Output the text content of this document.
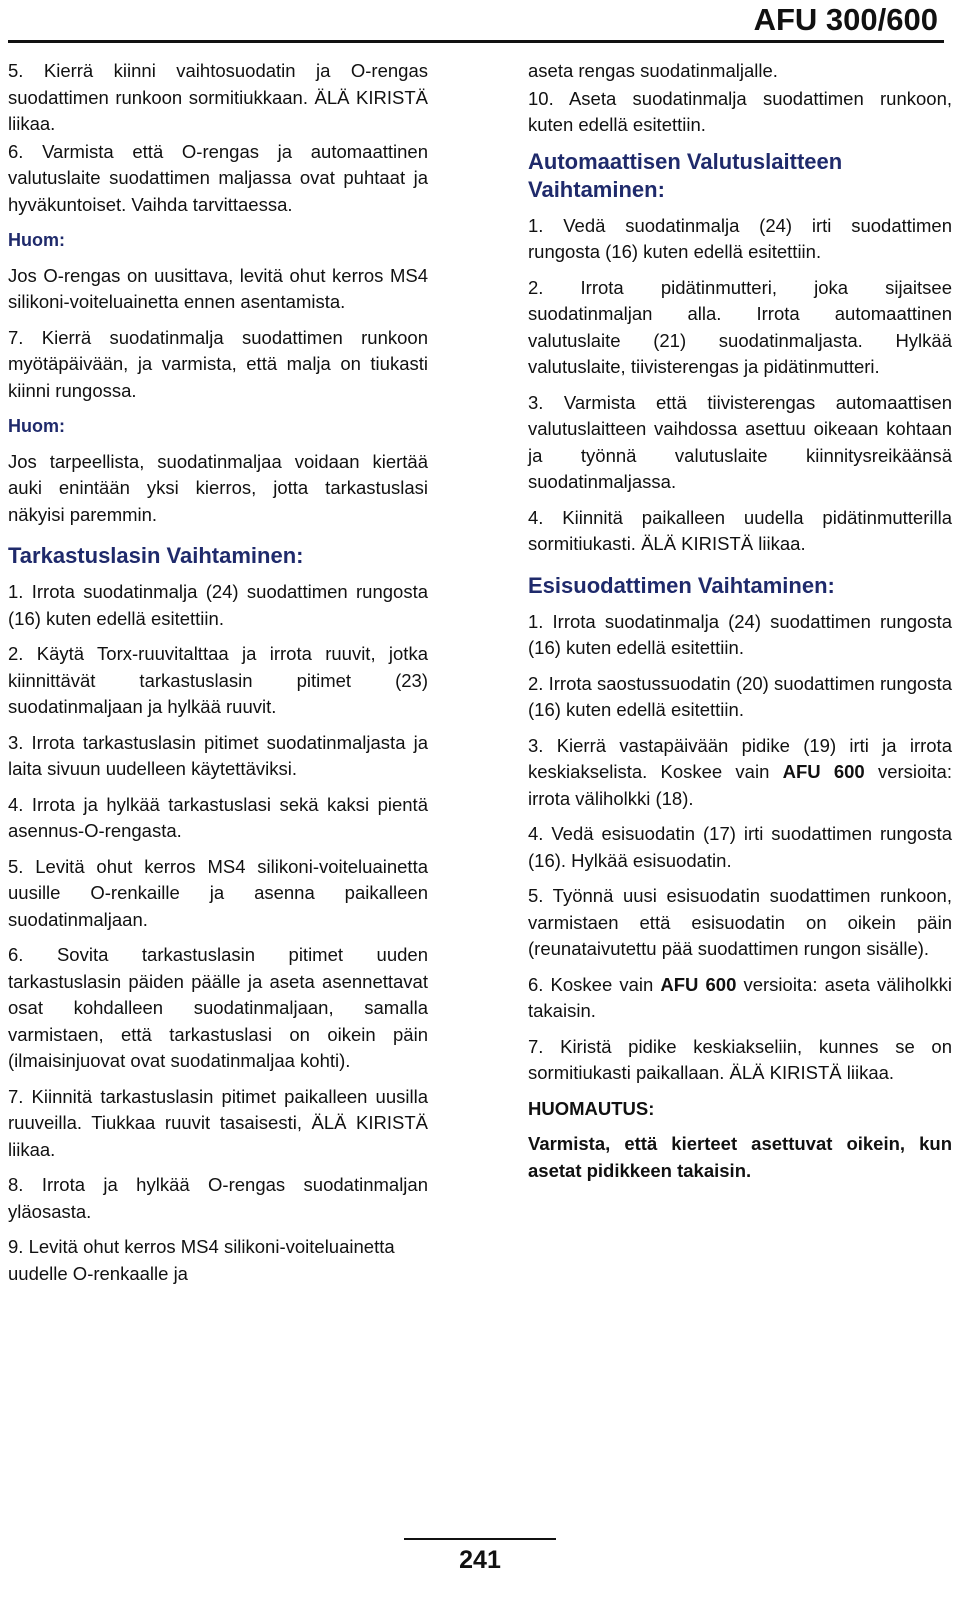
AFU 300/600

5. Kierrä kiinni vaihtosuodatin ja O-rengas suodattimen runkoon sormitiukkaan. ÄLÄ KIRISTÄ liikaa.

6. Varmista että O-rengas ja automaattinen valutuslaite suodattimen maljassa ovat puhtaat ja hyväkuntoiset. Vaihda tarvittaessa.

Huom:

Jos O-rengas on uusittava, levitä ohut kerros MS4 silikoni-voiteluainetta ennen asentamista.

7. Kierrä suodatinmalja suodattimen runkoon myötäpäivään, ja varmista, että malja on tiukasti kiinni rungossa.

Huom:

Jos tarpeellista, suodatinmaljaa voidaan kiertää auki enintään yksi kierros, jotta tarkastuslasi näkyisi paremmin.

Tarkastuslasin Vaihtaminen:

1. Irrota suodatinmalja (24) suodattimen rungosta (16) kuten edellä esitettiin.

2. Käytä Torx-ruuvitalttaa ja irrota ruuvit, jotka kiinnittävät tarkastuslasin pitimet (23) suodatinmaljaan ja hylkää ruuvit.

3. Irrota tarkastuslasin pitimet suodatinmaljasta ja laita sivuun uudelleen käytettäviksi.

4. Irrota ja hylkää tarkastuslasi sekä kaksi pientä asennus-O-rengasta.

5. Levitä ohut kerros MS4 silikoni-voiteluainetta uusille O-renkaille ja asenna paikalleen suodatinmaljaan.

6. Sovita tarkastuslasin pitimet uuden tarkastuslasin päiden päälle ja aseta asennettavat osat kohdalleen suodatinmaljaan, samalla varmistaen, että tarkastuslasi on oikein päin (ilmaisinjuovat ovat suodatinmaljaa kohti).

7. Kiinnitä tarkastuslasin pitimet paikalleen uusilla ruuveilla. Tiukkaa ruuvit tasaisesti, ÄLÄ KIRISTÄ liikaa.

8. Irrota ja hylkää O-rengas suodatinmaljan yläosasta.

9. Levitä ohut kerros MS4 silikoni-voiteluainetta uudelle O-renkaalle ja

aseta rengas suodatinmaljalle.

10. Aseta suodatinmalja suodattimen runkoon, kuten edellä esitettiin.

Automaattisen Valutuslaitteen Vaihtaminen:

1. Vedä suodatinmalja (24) irti suodattimen rungosta (16) kuten edellä esitettiin.

2. Irrota pidätinmutteri, joka sijaitsee suodatinmaljan alla. Irrota automaattinen valutuslaite (21) suodatinmaljasta. Hylkää valutuslaite, tiivisterengas ja pidätinmutteri.

3. Varmista että tiivisterengas automaattisen valutuslaitteen vaihdossa asettuu oikeaan kohtaan ja työnnä valutuslaite kiinnitysreikäänsä suodatinmaljassa.

4. Kiinnitä paikalleen uudella pidätinmutterilla sormitiukasti. ÄLÄ KIRISTÄ liikaa.

Esisuodattimen Vaihtaminen:

1. Irrota suodatinmalja (24) suodattimen rungosta (16) kuten edellä esitettiin.

2. Irrota saostussuodatin (20) suodattimen rungosta (16) kuten edellä esitettiin.

3. Kierrä vastapäivään pidike (19) irti ja irrota keskiakselista. Koskee vain AFU 600 versioita: irrota väliholkki (18).

4. Vedä esisuodatin (17) irti suodattimen rungosta (16). Hylkää esisuodatin.

5. Työnnä uusi esisuodatin suodattimen runkoon, varmistaen että esisuodatin on oikein päin (reunataivutettu pää suodattimen rungon sisälle).

6. Koskee vain AFU 600 versioita: aseta väliholkki takaisin.

7. Kiristä pidike keskiakseliin, kunnes se on sormitiukasti paikallaan. ÄLÄ KIRISTÄ liikaa.

HUOMAUTUS:

Varmista, että kierteet asettuvat oikein, kun asetat pidikkeen takaisin.

241
